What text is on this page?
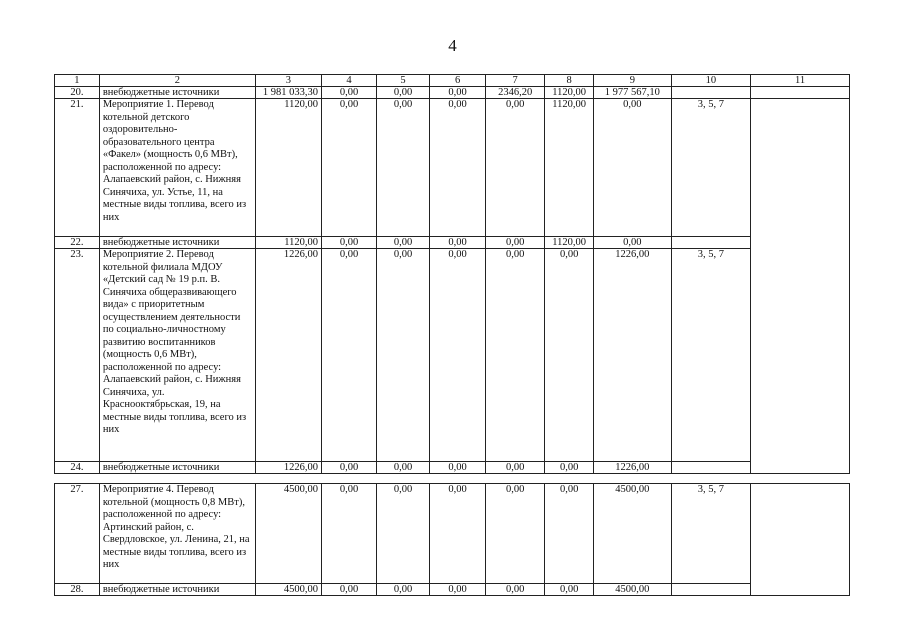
4
1	2	3	4	5	6	7	8	9	10	11
20.	внебюджетные источники	1 981 033,30	0,00	0,00	0,00	2346,20	1120,00	1 977 567,10		
21.	Мероприятие 1. Перевод котельной детского оздоровительно-образовательного центра «Факел» (мощность 0,6 МВт), расположенной по адресу: Алапаевский район, с. Нижняя Синячиха, ул. Устье, 11, на местные виды топлива, всего из них	1120,00	0,00	0,00	0,00	0,00	1120,00	0,00	3, 5, 7	
22.	внебюджетные источники	1120,00	0,00	0,00	0,00	0,00	1120,00	0,00		
23.	Мероприятие 2. Перевод котельной филиала МДОУ «Детский сад № 19 р.п. В. Синячиха общеразвивающего вида» с приоритетным осуществлением деятельности по социально-личностному развитию воспитанников (мощность 0,6 МВт), расположенной по адресу: Алапаевский район, с. Нижняя Синячиха, ул. Краснооктябрьская, 19, на местные виды топлива, всего из них	1226,00	0,00	0,00	0,00	0,00	0,00	1226,00	3, 5, 7	
24.	внебюджетные источники	1226,00	0,00	0,00	0,00	0,00	0,00	1226,00		
27.	Мероприятие 4. Перевод котельной (мощность 0,8 МВт), расположенной по адресу: Артинский район, с. Свердловское, ул. Ленина, 21, на местные виды топлива, всего из них	4500,00	0,00	0,00	0,00	0,00	0,00	4500,00	3, 5, 7	
28.	внебюджетные источники	4500,00	0,00	0,00	0,00	0,00	0,00	4500,00		
